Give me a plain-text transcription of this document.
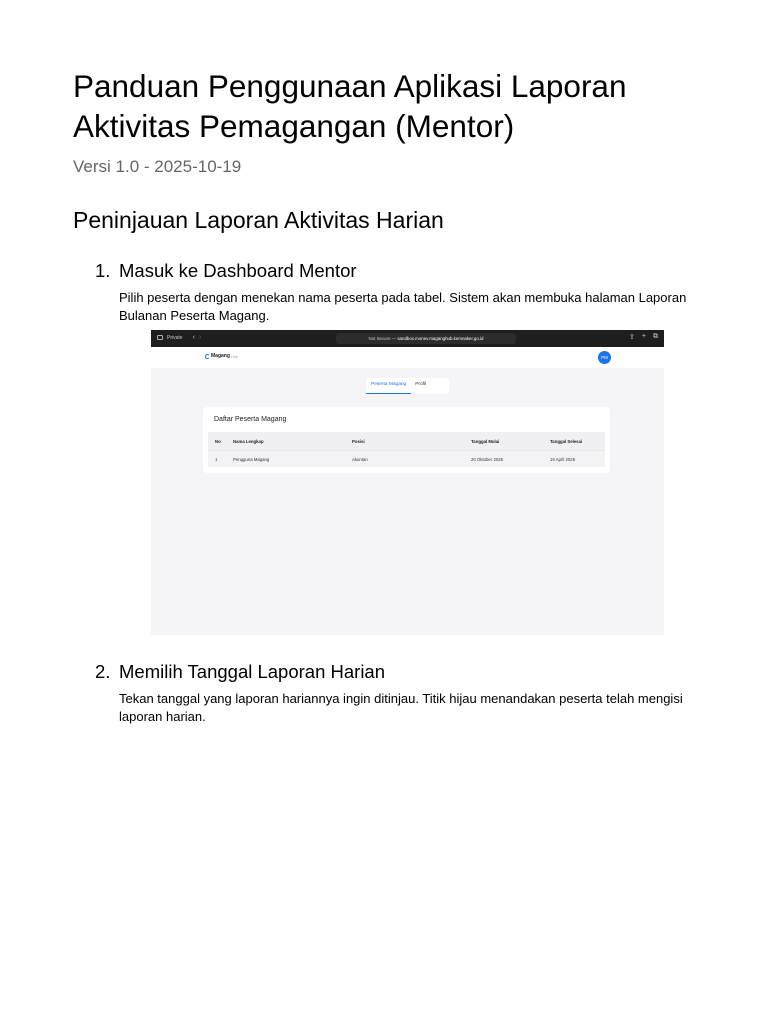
Panduan Penggunaan Aplikasi Laporan Aktivitas Pemagangan (Mentor)

Versi 1.0 - 2025-10-19

Peninjauan Laporan Aktivitas Harian
1. Masuk ke Dashboard Mentor

Pilih peserta dengan menekan nama peserta pada tabel. Sistem akan membuka halaman Laporan Bulanan Peserta Magang.

2. Memilih Tanggal Laporan Harian

Tekan tanggal yang laporan hariannya ingin ditinjau. Titik hijau menandakan peserta telah mengisi laporan harian.

Private ‹ ›	Not Secure — sandbox.monev.maganghub.kemnaker.go.id	⇪ + ⧉
Magang Hub	PM
Peserta Magang	Profil
Daftar Peserta Magang
No	Nama Lengkap	Posisi	Tanggal Mulai	Tanggal Selesai
1	Pengguna Magang	Akuntan	20 Oktober 2025	19 April 2026
